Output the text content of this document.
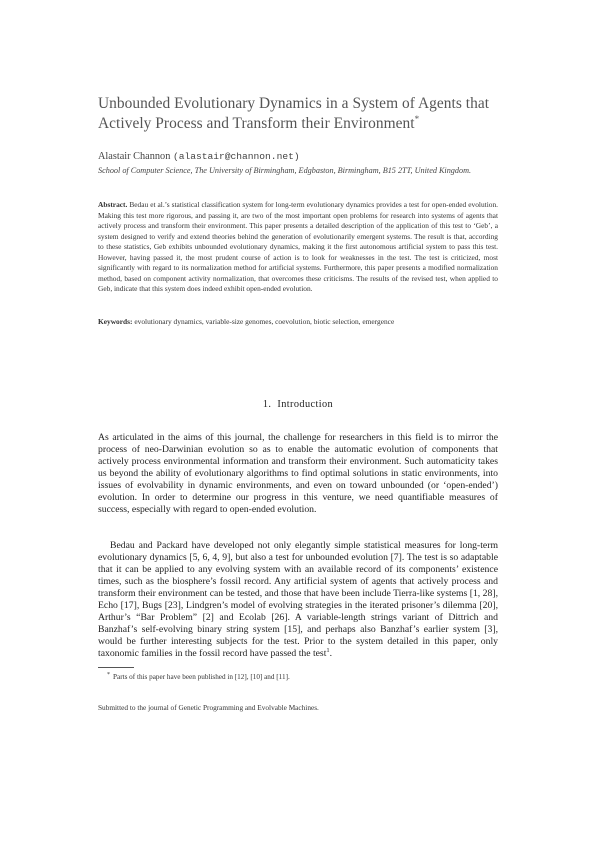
Unbounded Evolutionary Dynamics in a System of Agents that Actively Process and Transform their Environment*
Alastair Channon (alastair@channon.net)
School of Computer Science, The University of Birmingham, Edgbaston, Birmingham, B15 2TT, United Kingdom.
Abstract. Bedau et al.’s statistical classification system for long-term evolutionary dynamics provides a test for open-ended evolution. Making this test more rigorous, and passing it, are two of the most important open problems for research into systems of agents that actively process and transform their environment. This paper presents a detailed description of the application of this test to ‘Geb’, a system designed to verify and extend theories behind the generation of evolutionarily emergent systems. The result is that, according to these statistics, Geb exhibits unbounded evolutionary dynamics, making it the first autonomous artificial system to pass this test. However, having passed it, the most prudent course of action is to look for weaknesses in the test. The test is criticized, most significantly with regard to its normalization method for artificial systems. Furthermore, this paper presents a modified normalization method, based on component activity normalization, that overcomes these criticisms. The results of the revised test, when applied to Geb, indicate that this system does indeed exhibit open-ended evolution.
Keywords: evolutionary dynamics, variable-size genomes, coevolution, biotic selection, emergence
1. Introduction
As articulated in the aims of this journal, the challenge for researchers in this field is to mirror the process of neo-Darwinian evolution so as to enable the automatic evolution of components that actively process environmental information and transform their environment. Such automaticity takes us beyond the ability of evolutionary algorithms to find optimal solutions in static environments, into issues of evolvability in dynamic environments, and even on toward unbounded (or ‘open-ended’) evolution. In order to determine our progress in this venture, we need quantifiable measures of success, especially with regard to open-ended evolution.
Bedau and Packard have developed not only elegantly simple statistical measures for long-term evolutionary dynamics [5, 6, 4, 9], but also a test for unbounded evolution [7]. The test is so adaptable that it can be applied to any evolving system with an available record of its components’ existence times, such as the biosphere’s fossil record. Any artificial system of agents that actively process and transform their environment can be tested, and those that have been include Tierra-like systems [1, 28], Echo [17], Bugs [23], Lindgren’s model of evolving strategies in the iterated prisoner’s dilemma [20], Arthur’s “Bar Problem” [2] and Ecolab [26]. A variable-length strings variant of Dittrich and Banzhaf’s self-evolving binary string system [15], and perhaps also Banzhaf’s earlier system [3], would be further interesting subjects for the test. Prior to the system detailed in this paper, only taxonomic families in the fossil record have passed the test$^1$.
* Parts of this paper have been published in [12], [10] and [11].
Submitted to the journal of Genetic Programming and Evolvable Machines.
